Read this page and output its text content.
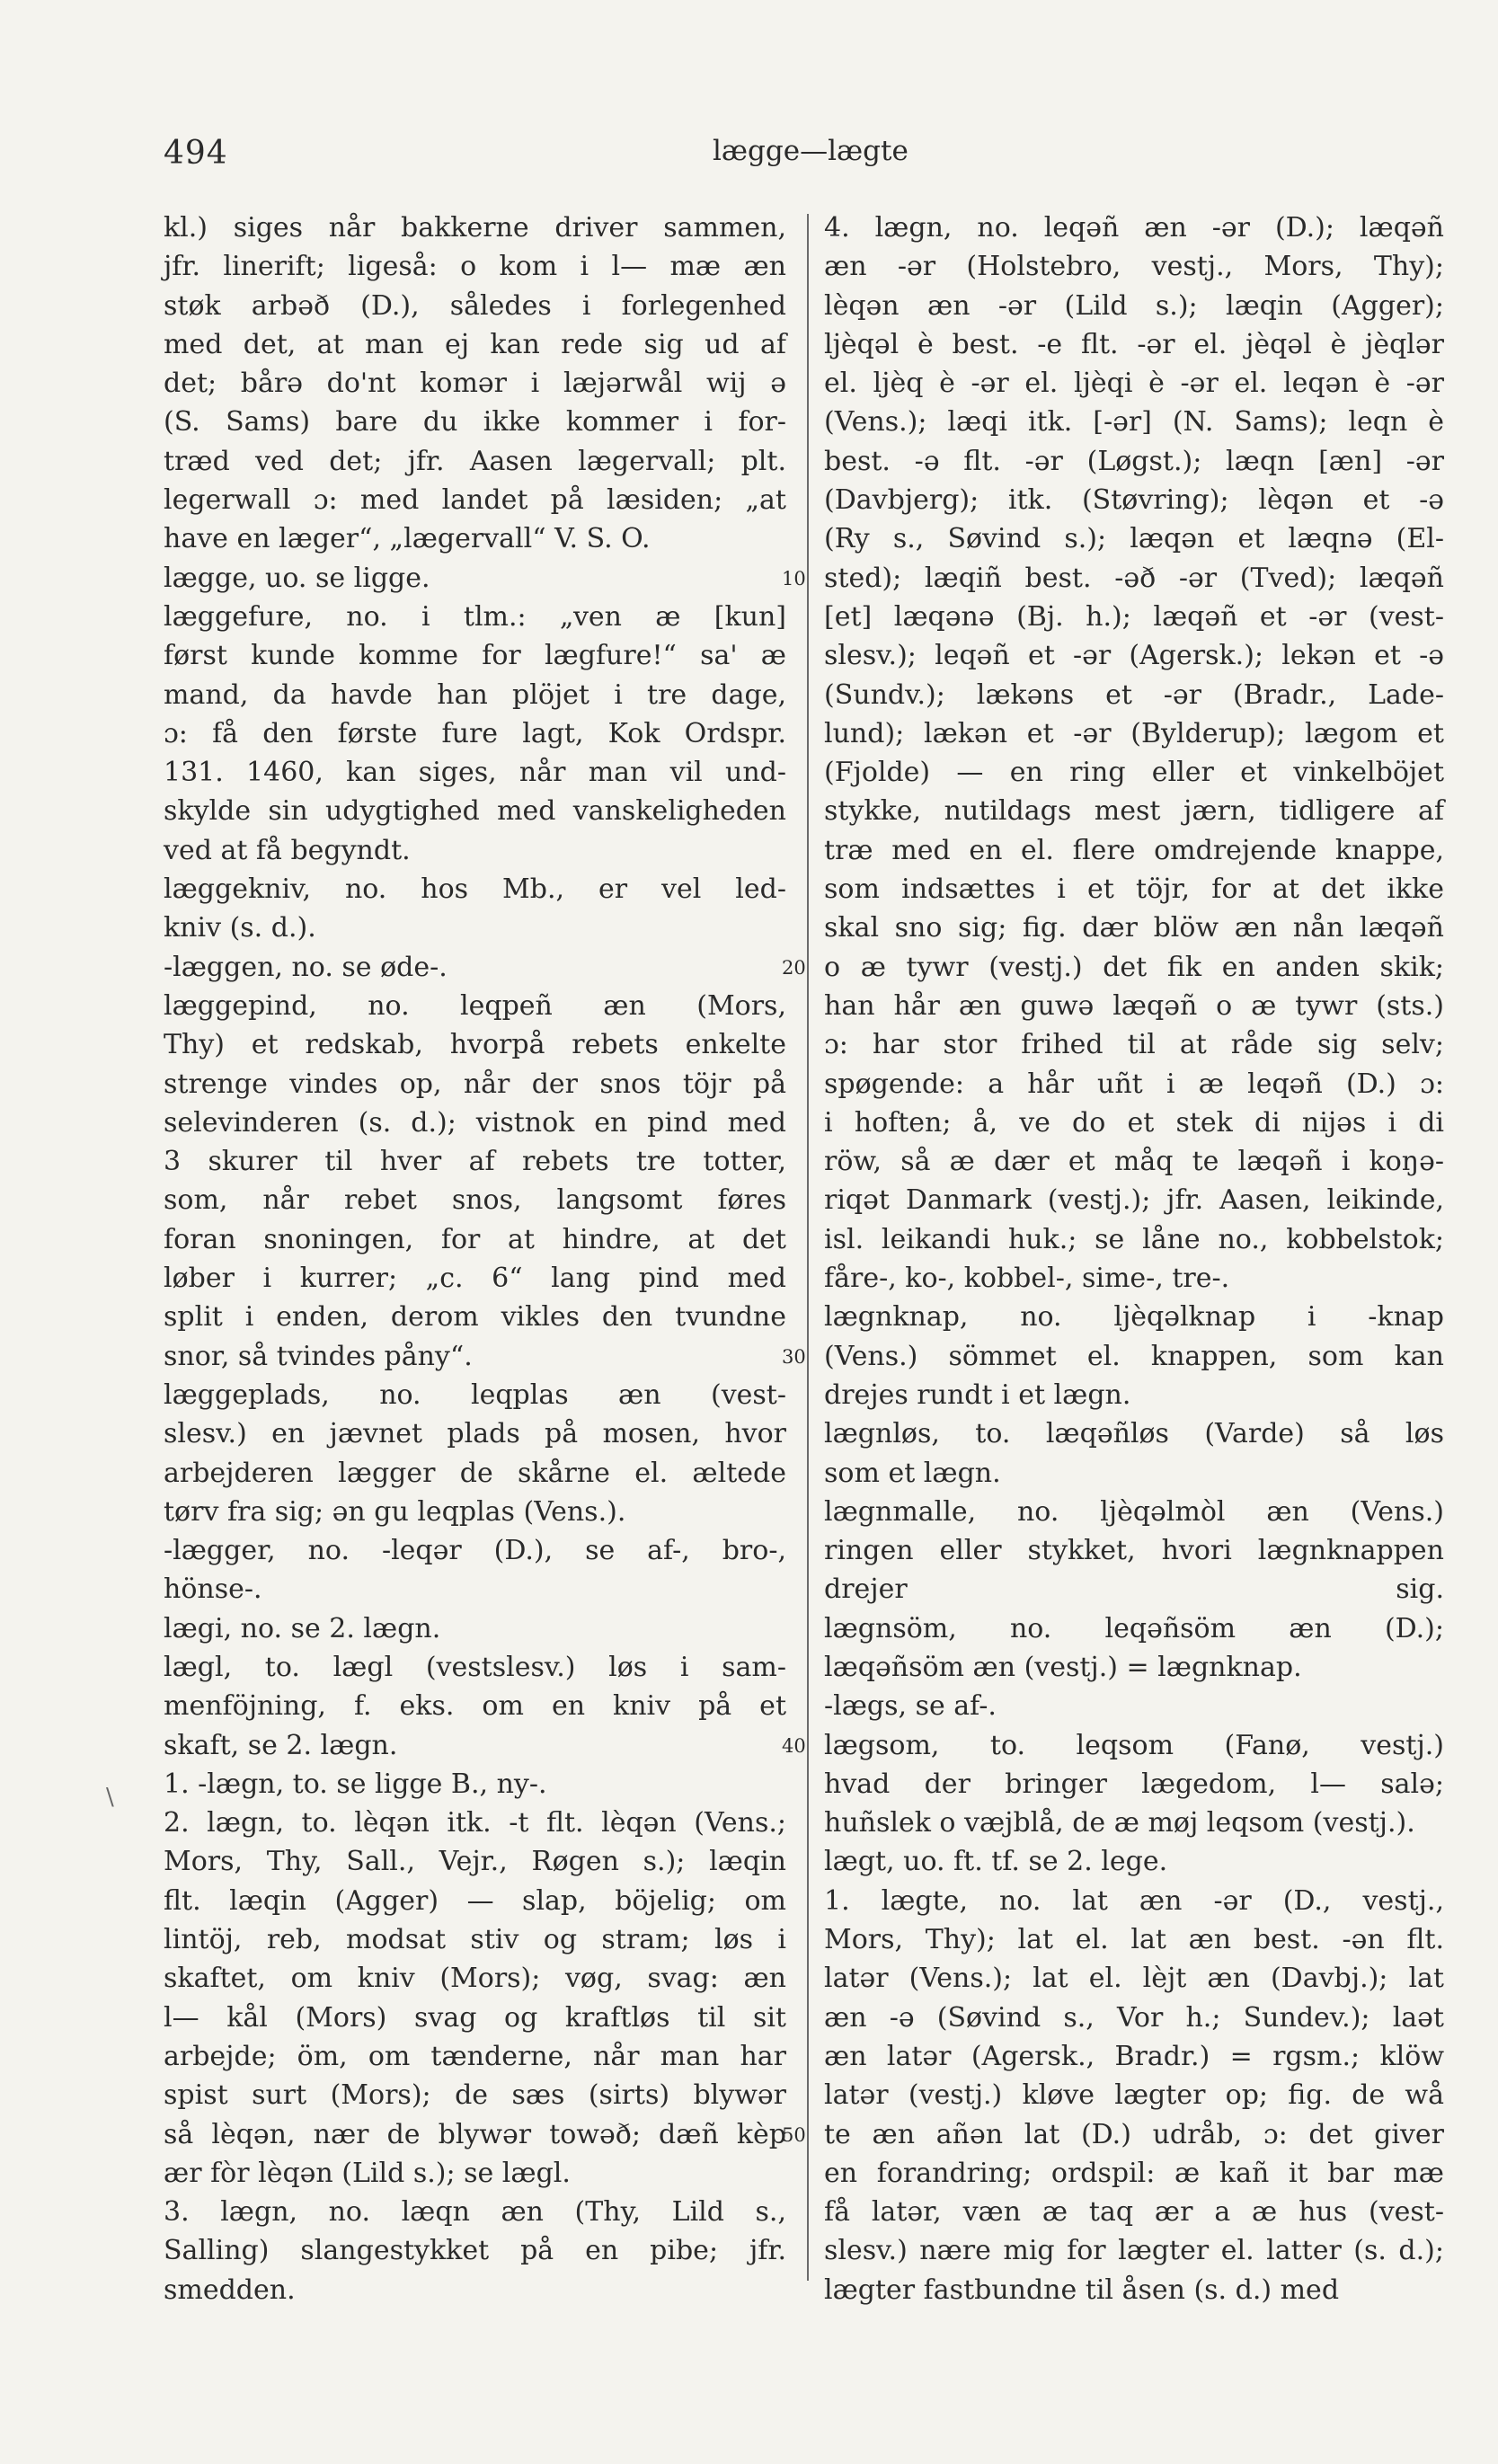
494	lægge—lægte
\
kl.) siges når bakkerne driver sammen,
jfr. linerift; ligeså: o kom i l— mæ æn
støk arbəð (D.), således i forlegenhed
med det, at man ej kan rede sig ud af
det; bårə do'nt komər i læjərwål wij ə
(S. Sams) bare du ikke kommer i for-
træd ved det; jfr. Aasen lægervall; plt.
legerwall ɔ: med landet på læsiden; „at
have en læger“, „lægervall“ V. S. O.
lægge, uo. se ligge.
læggefure, no. i tlm.: „ven æ [kun]
først kunde komme for lægfure!“ sa' æ
mand, da havde han plöjet i tre dage,
ɔ: få den første fure lagt, Kok Ordspr.
131. 1460, kan siges, når man vil und-
skylde sin udygtighed med vanskeligheden
ved at få begyndt.
læggekniv, no. hos Mb., er vel led-
kniv (s. d.).
-læggen, no. se øde-.
læggepind, no. leqpeñ æn (Mors,
Thy) et redskab, hvorpå rebets enkelte
strenge vindes op, når der snos töjr på
selevinderen (s. d.); vistnok en pind med
3 skurer til hver af rebets tre totter,
som, når rebet snos, langsomt føres
foran snoningen, for at hindre, at det
løber i kurrer; „c. 6“ lang pind med
split i enden, derom vikles den tvundne
snor, så tvindes påny“.
læggeplads, no. leqplas æn (vest-
slesv.) en jævnet plads på mosen, hvor
arbejderen lægger de skårne el. æltede
tørv fra sig; ən gu leqplas (Vens.).
-lægger, no. -leqər (D.), se af-, bro-,
hönse-.
lægi, no. se 2. lægn.
lægl, to. lægl (vestslesv.) løs i sam-
menföjning, f. eks. om en kniv på et
skaft, se 2. lægn.
1. -lægn, to. se ligge B., ny-.
2. lægn, to. lèqən itk. -t flt. lèqən (Vens.;
Mors, Thy, Sall., Vejr., Røgen s.); læqin
flt. læqin (Agger) — slap, böjelig; om
lintöj, reb, modsat stiv og stram; løs i
skaftet, om kniv (Mors); vøg, svag: æn
l— kål (Mors) svag og kraftløs til sit
arbejde; öm, om tænderne, når man har
spist surt (Mors); de sæs (sirts) blywər
så lèqən, nær de blywər towəð; dæñ kèp
ær fòr lèqən (Lild s.); se lægl.
3. lægn, no. læqn æn (Thy, Lild s.,
Salling) slangestykket på en pibe; jfr.
smedden.
10
20
30
40
50
4. lægn, no. leqəñ æn -ər (D.); læqəñ
æn -ər (Holstebro, vestj., Mors, Thy);
lèqən æn -ər (Lild s.); læqin (Agger);
ljèqəl è best. -e flt. -ər el. jèqəl è jèqlər
el. ljèq è -ər el. ljèqi è -ər el. leqən è -ər
(Vens.); læqi itk. [-ər] (N. Sams); leqn è
best. -ə flt. -ər (Løgst.); læqn [æn] -ər
(Davbjerg); itk. (Støvring); lèqən et -ə
(Ry s., Søvind s.); læqən et læqnə (El-
sted); læqiñ best. -əð -ər (Tved); læqəñ
[et] læqənə (Bj. h.); læqəñ et -ər (vest-
slesv.); leqəñ et -ər (Agersk.); lekən et -ə
(Sundv.); lækəns et -ər (Bradr., Lade-
lund); lækən et -ər (Bylderup); lægom et
(Fjolde) — en ring eller et vinkelböjet
stykke, nutildags mest jærn, tidligere af
træ med en el. flere omdrejende knappe,
som indsættes i et töjr, for at det ikke
skal sno sig; fig. dær blöw æn nån læqəñ
o æ tywr (vestj.) det fik en anden skik;
han hår æn guwə læqəñ o æ tywr (sts.)
ɔ: har stor frihed til at råde sig selv;
spøgende: a hår uñt i æ leqəñ (D.) ɔ:
i hoften; å, ve do et stek di nijəs i di
röw, så æ dær et måq te læqəñ i koŋə-
riqət Danmark (vestj.); jfr. Aasen, leikinde,
isl. leikandi huk.; se låne no., kobbelstok;
fåre-, ko-, kobbel-, sime-, tre-.
lægnknap, no. ljèqəlknap i -knap
(Vens.) sömmet el. knappen, som kan
drejes rundt i et lægn.
lægnløs, to. læqəñløs (Varde) så løs
som et lægn.
lægnmalle, no. ljèqəlmòl æn (Vens.)
ringen eller stykket, hvori lægnknappen
drejer sig.
lægnsöm, no. leqəñsöm æn (D.);
læqəñsöm æn (vestj.) = lægnknap.
-lægs, se af-.
lægsom, to. leqsom (Fanø, vestj.)
hvad der bringer lægedom, l— salə;
huñslek o væjblå, de æ møj leqsom (vestj.).
lægt, uo. ft. tf. se 2. lege.
1. lægte, no. lat æn -ər (D., vestj.,
Mors, Thy); lat el. lat æn best. -ən flt.
latər (Vens.); lat el. lèjt æn (Davbj.); lat
æn -ə (Søvind s., Vor h.; Sundev.); laət
æn latər (Agersk., Bradr.) = rgsm.; klöw
latər (vestj.) kløve lægter op; fig. de wå
te æn añən lat (D.) udråb, ɔ: det giver
en forandring; ordspil: æ kañ it bar mæ
få latər, væn æ taq ær a æ hus (vest-
slesv.) nære mig for lægter el. latter (s. d.);
lægter fastbundne til åsen (s. d.) med
